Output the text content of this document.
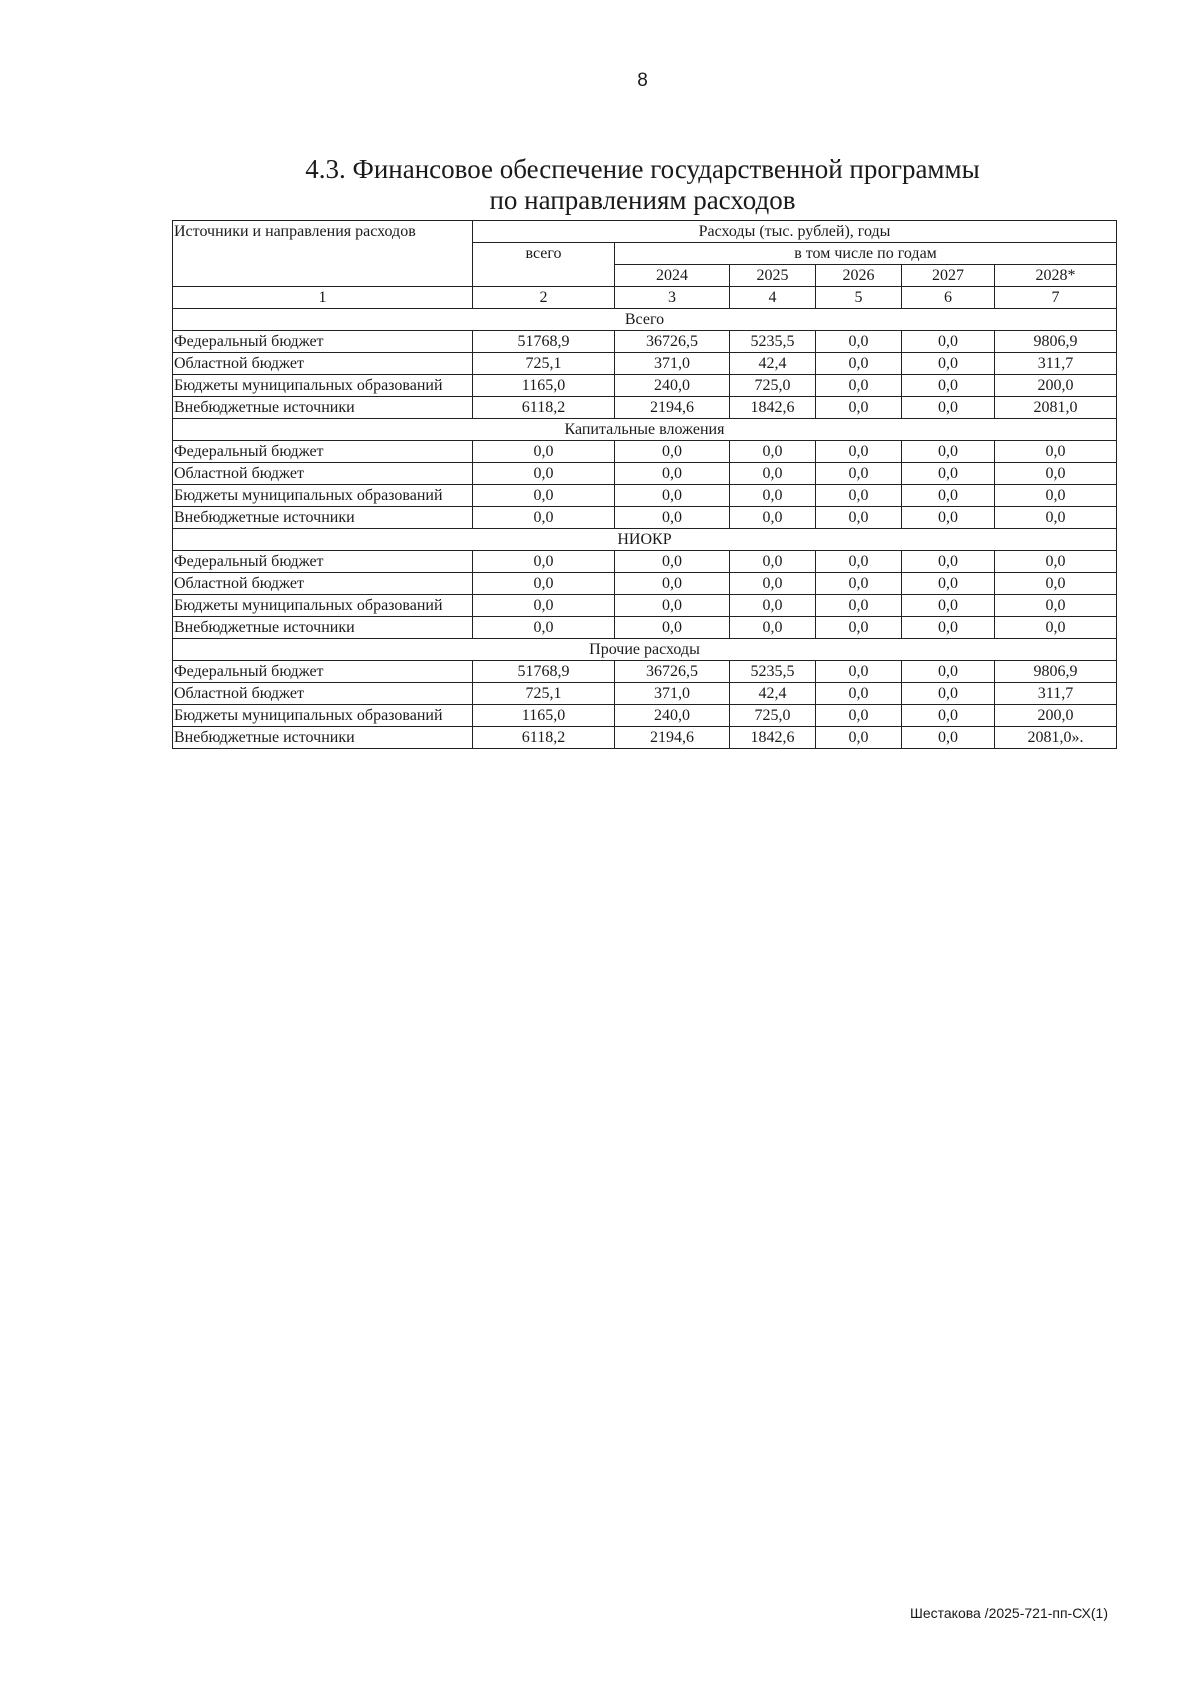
8
4.3. Финансовое обеспечение государственной программы
по направлениям расходов
Источники и направления расходов	Расходы (тыс. рублей), годы					
	всего	в том числе по годам				
		2024	2025	2026	2027	2028*
1	2	3	4	5	6	7
Всего						
Федеральный бюджет	51768,9	36726,5	5235,5	0,0	0,0	9806,9
Областной бюджет	725,1	371,0	42,4	0,0	0,0	311,7
Бюджеты муниципальных образований	1165,0	240,0	725,0	0,0	0,0	200,0
Внебюджетные источники	6118,2	2194,6	1842,6	0,0	0,0	2081,0
Капитальные вложения						
Федеральный бюджет	0,0	0,0	0,0	0,0	0,0	0,0
Областной бюджет	0,0	0,0	0,0	0,0	0,0	0,0
Бюджеты муниципальных образований	0,0	0,0	0,0	0,0	0,0	0,0
Внебюджетные источники	0,0	0,0	0,0	0,0	0,0	0,0
НИОКР						
Федеральный бюджет	0,0	0,0	0,0	0,0	0,0	0,0
Областной бюджет	0,0	0,0	0,0	0,0	0,0	0,0
Бюджеты муниципальных образований	0,0	0,0	0,0	0,0	0,0	0,0
Внебюджетные источники	0,0	0,0	0,0	0,0	0,0	0,0
Прочие расходы						
Федеральный бюджет	51768,9	36726,5	5235,5	0,0	0,0	9806,9
Областной бюджет	725,1	371,0	42,4	0,0	0,0	311,7
Бюджеты муниципальных образований	1165,0	240,0	725,0	0,0	0,0	200,0
Внебюджетные источники	6118,2	2194,6	1842,6	0,0	0,0	2081,0».
Шестакова /2025-721-пп-СХ(1)
